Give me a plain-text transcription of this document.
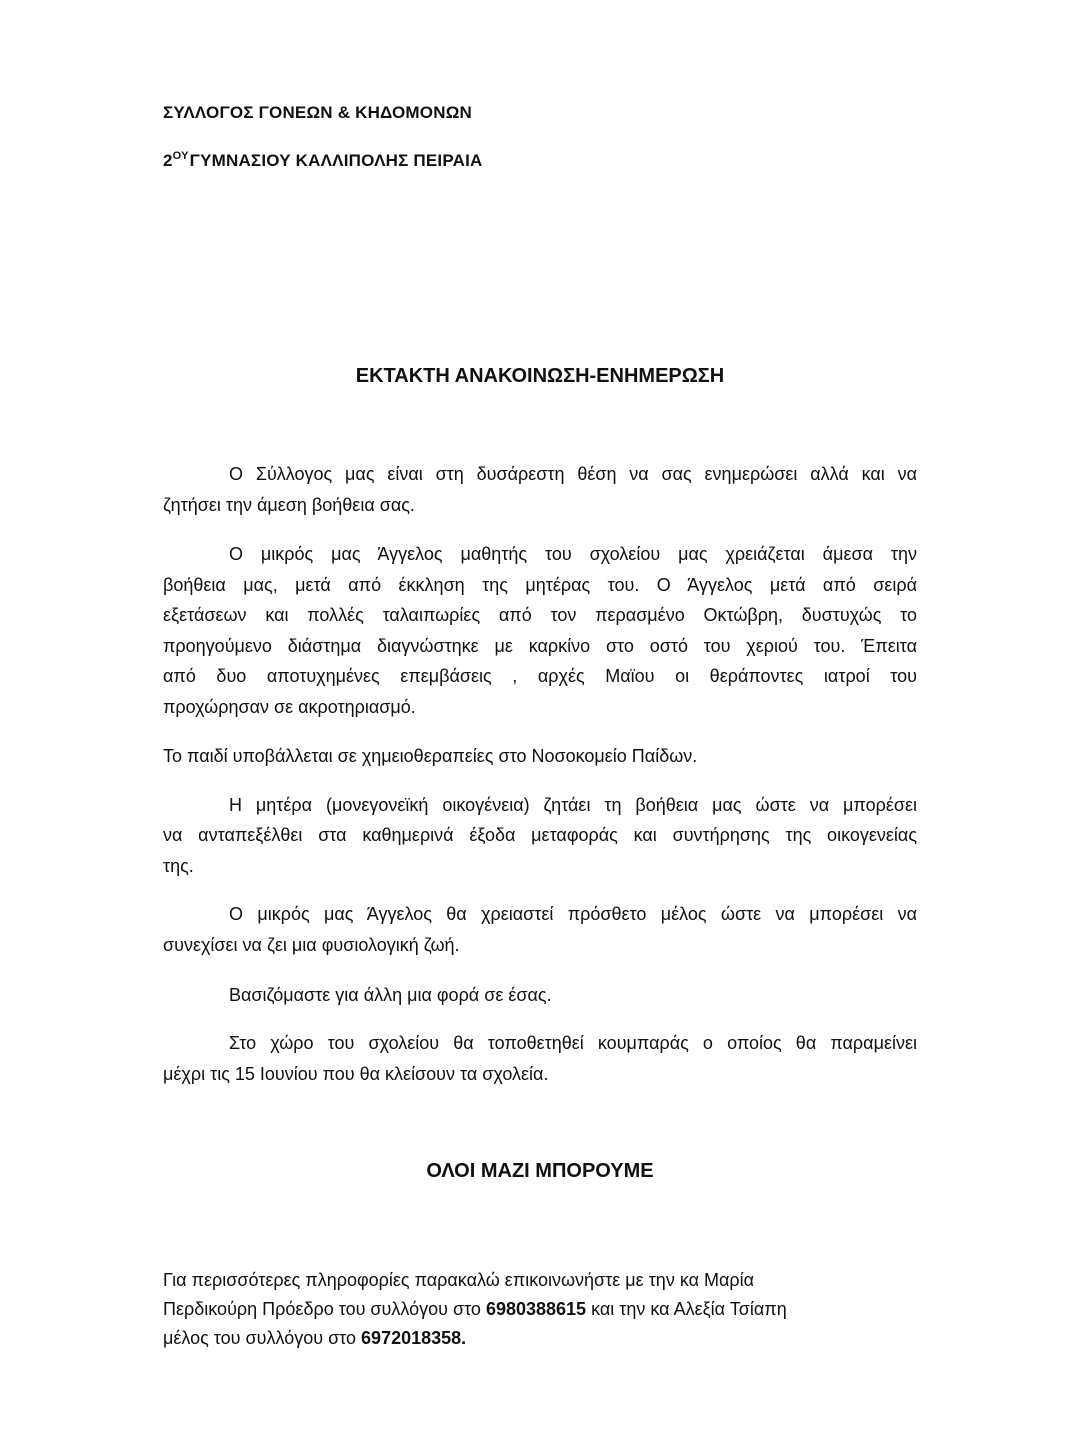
ΣΥΛΛΟΓΟΣ ΓΟΝΕΩΝ & ΚΗΔΟΜΟΝΩΝ
$2^{O\Upsilon}\Gamma\Upsilon MNA\Sigma IO\Upsilon$ ΚΑΛΛΙΠΟΛΗΣ ΠΕΙΡΑΙΑ
ΕΚΤΑΚΤΗ ΑΝΑΚΟΙΝΩΣΗ-ΕΝΗΜΕΡΩΣΗ
Ο Σύλλογος μας είναι στη δυσάρεστη θέση να σας ενημερώσει αλλά και να
ζητήσει την άμεση βοήθεια σας.
Ο μικρός μας Άγγελος μαθητής του σχολείου μας χρειάζεται άμεσα την
βοήθεια μας, μετά από έκκληση της μητέρας του. Ο Άγγελος μετά από σειρά
εξετάσεων και πολλές ταλαιπωρίες από τον περασμένο Οκτώβρη, δυστυχώς το
προηγούμενο διάστημα διαγνώστηκε με καρκίνο στο οστό του χεριού του. Έπειτα
από δυο αποτυχημένες επεμβάσεις , αρχές Μαϊου οι θεράποντες ιατροί του
προχώρησαν σε ακροτηριασμό.
Το παιδί υποβάλλεται σε χημειοθεραπείες στο Νοσοκομείο Παίδων.
Η μητέρα (μονεγονεϊκή οικογένεια) ζητάει τη βοήθεια μας ώστε να μπορέσει
να ανταπεξέλθει στα καθημερινά έξοδα μεταφοράς και συντήρησης της οικογενείας
της.
Ο μικρός μας Άγγελος θα χρειαστεί πρόσθετο μέλος ώστε να μπορέσει να
συνεχίσει να ζει μια φυσιολογική ζωή.
Βασιζόμαστε για άλλη μια φορά σε έσας.
Στο χώρο του σχολείου θα τοποθετηθεί κουμπαράς ο οποίος θα παραμείνει
μέχρι τις 15 Ιουνίου που θα κλείσουν τα σχολεία.
ΟΛΟΙ ΜΑΖΙ ΜΠΟΡΟΥΜΕ
Για περισσότερες πληροφορίες παρακαλώ επικοινωνήστε με την κα Μαρία
Περδικούρη Πρόεδρο του συλλόγου στο 6980388615 και την κα Αλεξία Τσίαπη
μέλος του συλλόγου στο 6972018358.
